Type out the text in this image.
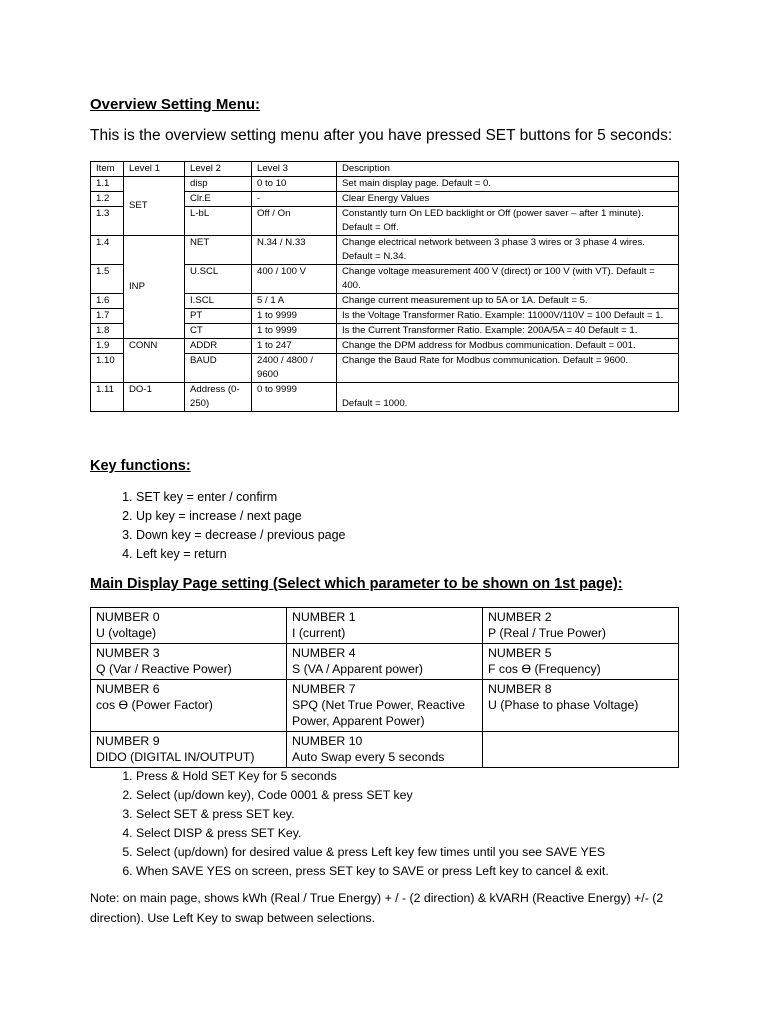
Overview Setting Menu:

This is the overview setting menu after you have pressed SET buttons for 5 seconds:

Item	Level 1	Level 2	Level 3	Description
1.1	SET	disp	0 to 10	Set main display page. Default = 0.
1.2		Clr.E	-	Clear Energy Values
1.3		L-bL	Off / On	Constantly turn On LED backlight or Off (power saver – after 1 minute). Default = Off.
1.4	INP	NET	N.34 / N.33	Change electrical network between 3 phase 3 wires or 3 phase 4 wires. Default = N.34.
1.5		U.SCL	400 / 100 V	Change voltage measurement 400 V (direct) or 100 V (with VT). Default = 400.
1.6		I.SCL	5 / 1 A	Change current measurement up to 5A or 1A. Default = 5.
1.7		PT	1 to 9999	Is the Voltage Transformer Ratio. Example: 11000V/110V = 100 Default = 1.
1.8		CT	1 to 9999	Is the Current Transformer Ratio. Example: 200A/5A = 40 Default = 1.
1.9	CONN	ADDR	1 to 247	Change the DPM address for Modbus communication. Default = 001.
1.10		BAUD	2400 / 4800 / 9600	Change the Baud Rate for Modbus communication. Default = 9600.
1.11	DO-1	Address (0-250)	0 to 9999	Default = 1000.
Key functions:
1. SET key = enter / confirm
2. Up key = increase / next page
3. Down key = decrease / previous page
4. Left key = return
Main Display Page setting (Select which parameter to be shown on 1st page):
NUMBER 0
U (voltage)	NUMBER 1
I (current)	NUMBER 2
P (Real / True Power)

NUMBER 3
Q (Var / Reactive Power)	NUMBER 4
S (VA / Apparent power)	NUMBER 5
F cos ϴ (Frequency)

NUMBER 6
cos ϴ (Power Factor)	NUMBER 7
SPQ (Net True Power, Reactive Power, Apparent Power)	NUMBER 8
U (Phase to phase Voltage)

NUMBER 9
DIDO (DIGITAL IN/OUTPUT)	NUMBER 10
Auto Swap every 5 seconds	
1. Press & Hold SET Key for 5 seconds
2. Select (up/down key), Code 0001 & press SET key
3. Select SET & press SET key.
4. Select DISP & press SET Key.
5. Select (up/down) for desired value & press Left key few times until you see SAVE YES
6. When SAVE YES on screen, press SET key to SAVE or press Left key to cancel & exit.

Note: on main page, shows kWh (Real / True Energy) + / - (2 direction) & kVARH (Reactive Energy) +/- (2 direction). Use Left Key to swap between selections.
